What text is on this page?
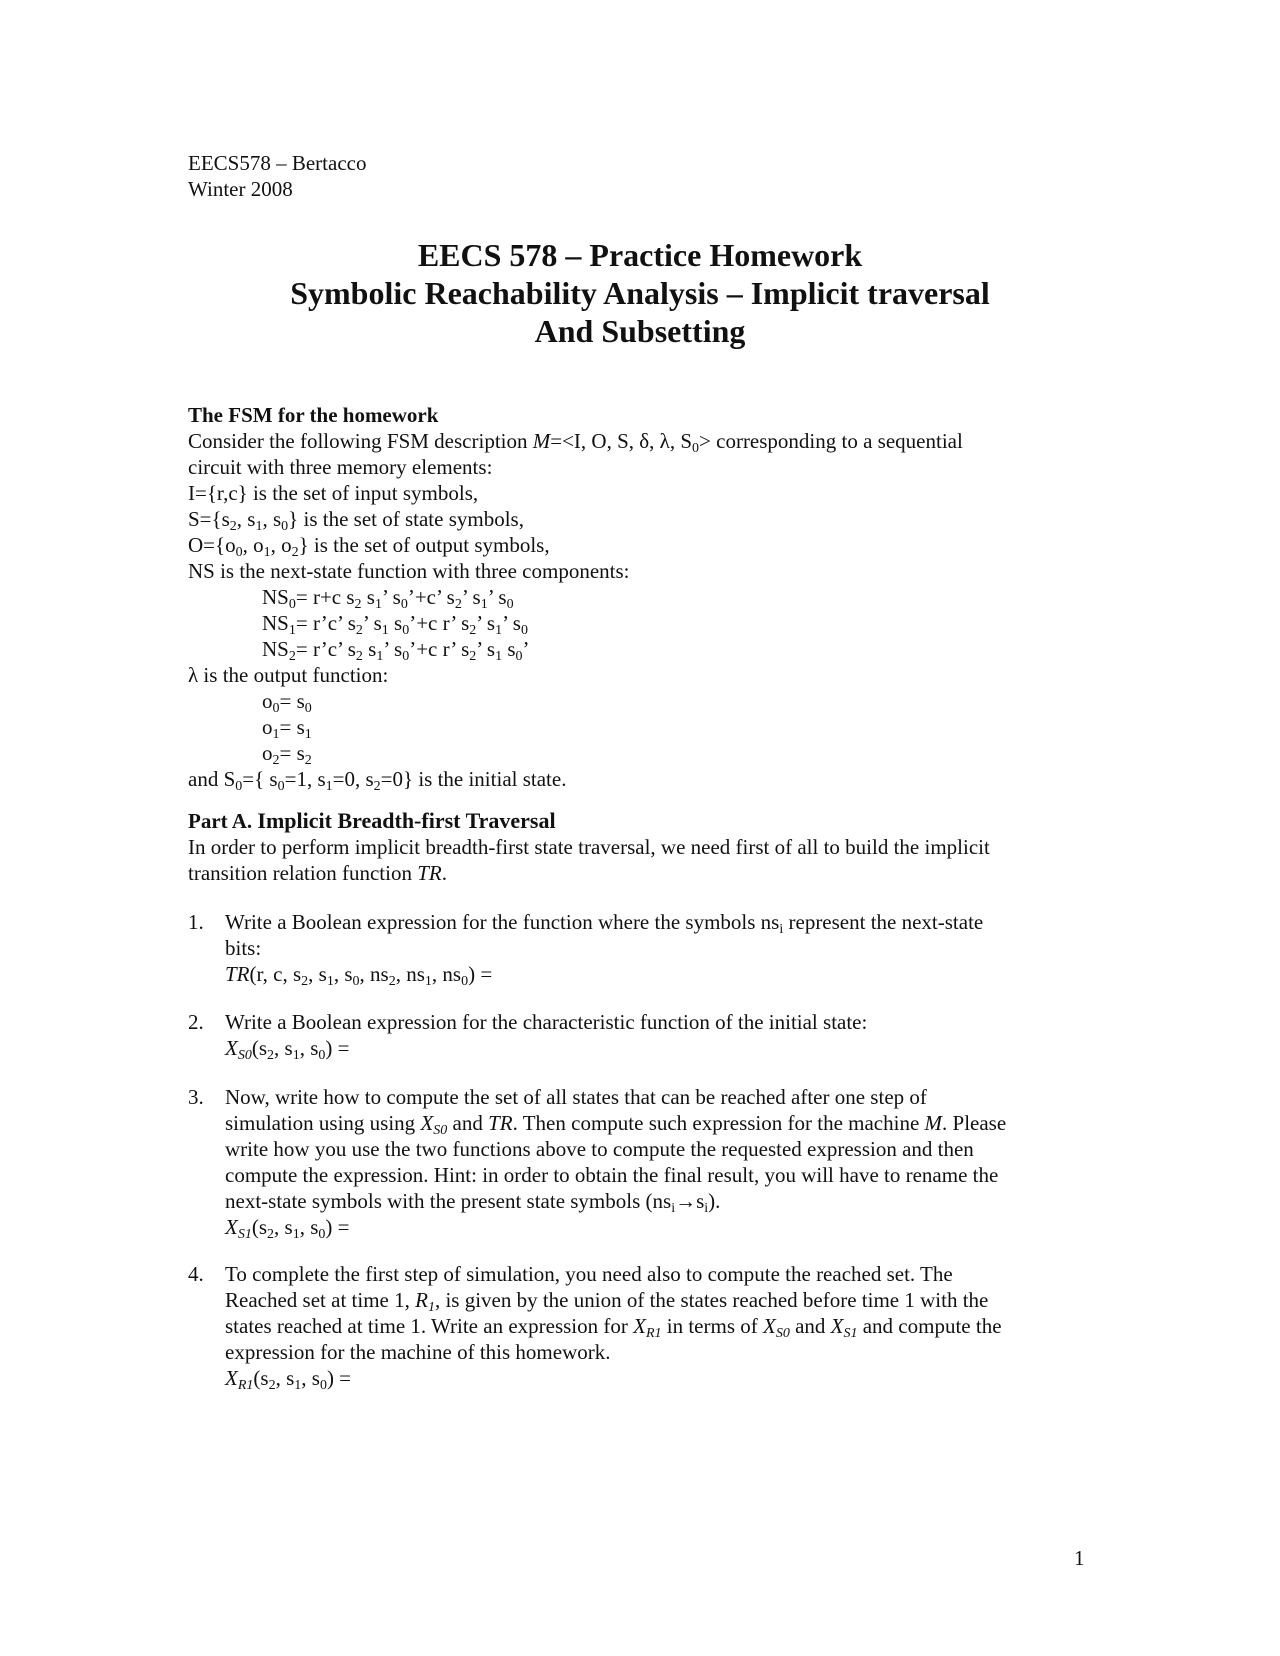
EECS578 – Bertacco
Winter 2008
EECS 578 – Practice Homework
Symbolic Reachability Analysis – Implicit traversal
And Subsetting
The FSM for the homework
Consider the following FSM description M=<I, O, S, δ, λ, $S_0>$ corresponding to a sequential
circuit with three memory elements:
I={r,c} is the set of input symbols,
$S=\{s_2$, $s_1$, $s_0$} is the set of state symbols,
$O=\{o_0$, $o_1$, $o_2$} is the set of output symbols,
NS is the next-state function with three components:
$NS_0= r+c$ $s_2$ $s_1$’ $s_0’+c$’ $s_2$’ $s_1$’ $s_0$
$NS_1=$ r’c’ $s_2$’ $s_1$ $s_0’+c$ r’ $s_2$’ $s_1$’ $s_0$
$NS_2=$ r’c’ $s_2$ $s_1$’ $s_0’+c$ r’ $s_2$’ $s_1$ $s_0$’
λ is the output function:
$o_0= s_0$
$o_1= s_1$
$o_2= s_2$
and $S_0=${ $s_0=1$, $s_1=0$, $s_2=0$} is the initial state.
Part A. Implicit Breadth-first Traversal
In order to perform implicit breadth-first state traversal, we need first of all to build the implicit
transition relation function TR.
1.	Write a Boolean expression for the function where the symbols $ns_i$ represent the next-state
bits:
TR(r, c, $s_2$, $s_1$, $s_0$, $ns_2$, $ns_1$, $ns_0$) =
2.	Write a Boolean expression for the characteristic function of the initial state:
$X_{S0}(s_2$, $s_1$, $s_0$) =
3.	Now, write how to compute the set of all states that can be reached after one step of
simulation using using $X_{S0}$ and TR. Then compute such expression for the machine M. Please
write how you use the two functions above to compute the requested expression and then
compute the expression. Hint: in order to obtain the final result, you will have to rename the
next-state symbols with the present state symbols $(ns_i\to s_i)$.
$X_{S1}(s_2$, $s_1$, $s_0$) =
4.	To complete the first step of simulation, you need also to compute the reached set. The
Reached set at time 1, $R_1$, is given by the union of the states reached before time 1 with the
states reached at time 1. Write an expression for $X_{R1}$ in terms of $X_{S0}$ and $X_{S1}$ and compute the
expression for the machine of this homework.
$X_{R1}(s_2$, $s_1$, $s_0$) =
1
